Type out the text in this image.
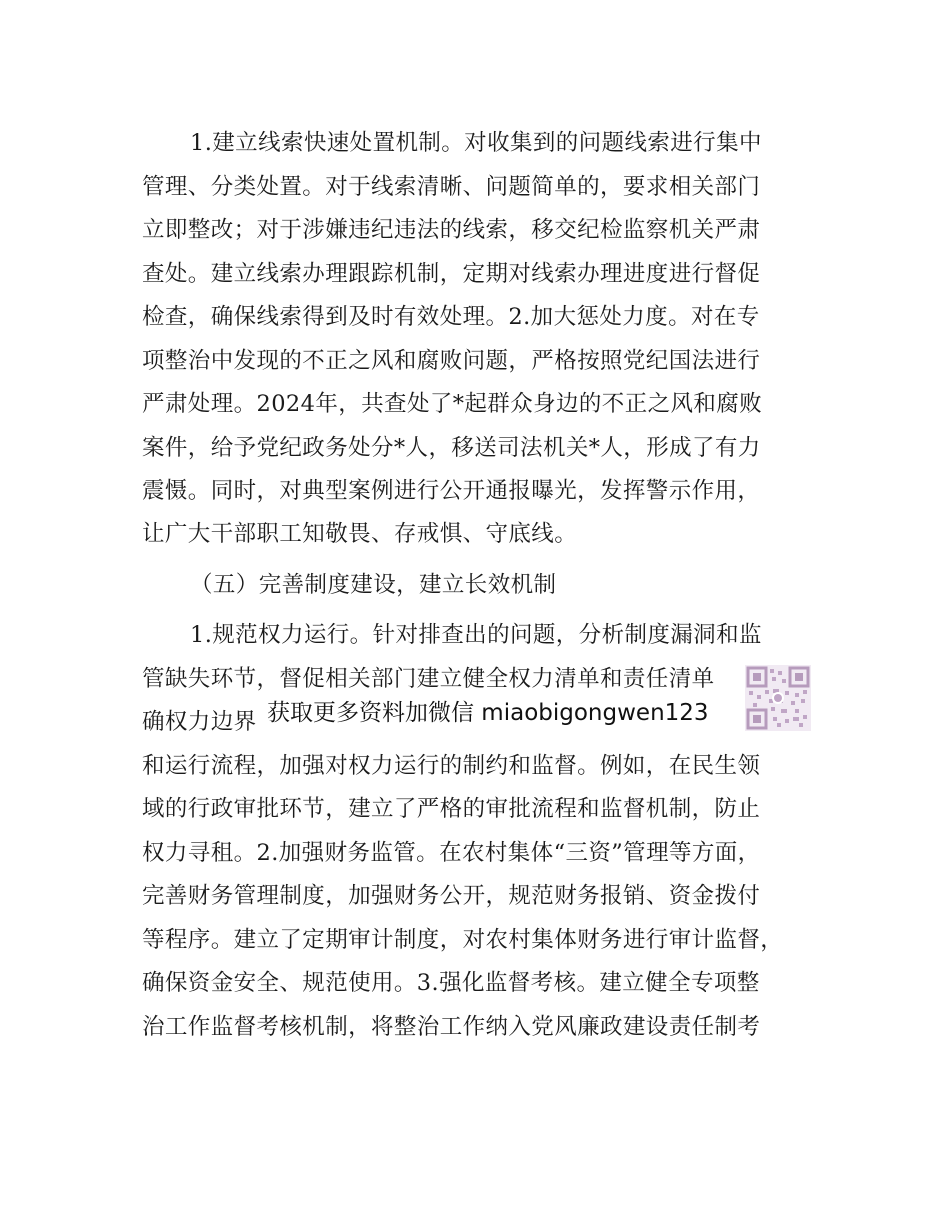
1.建立线索快速处置机制。对收集到的问题线索进行集中
管理、分类处置。对于线索清晰、问题简单的，要求相关部门
立即整改；对于涉嫌违纪违法的线索，移交纪检监察机关严肃
查处。建立线索办理跟踪机制，定期对线索办理进度进行督促
检查，确保线索得到及时有效处理。2.加大惩处力度。对在专
项整治中发现的不正之风和腐败问题，严格按照党纪国法进行
严肃处理。2024年，共查处了*起群众身边的不正之风和腐败
案件，给予党纪政务处分*人，移送司法机关*人，形成了有力
震慑。同时，对典型案例进行公开通报曝光，发挥警示作用，
让广大干部职工知敬畏、存戒惧、守底线。
（五）完善制度建设，建立长效机制
1.规范权力运行。针对排查出的问题，分析制度漏洞和监
管缺失环节，督促相关部门建立健全权力清单和责任清单
确权力边界
和运行流程，加强对权力运行的制约和监督。例如，在民生领
域的行政审批环节，建立了严格的审批流程和监督机制，防止
权力寻租。2.加强财务监管。在农村集体“三资”管理等方面，
完善财务管理制度，加强财务公开，规范财务报销、资金拨付
等程序。建立了定期审计制度，对农村集体财务进行审计监督，
确保资金安全、规范使用。3.强化监督考核。建立健全专项整
治工作监督考核机制，将整治工作纳入党风廉政建设责任制考
获取更多资料加微信 miaobigongwen123
